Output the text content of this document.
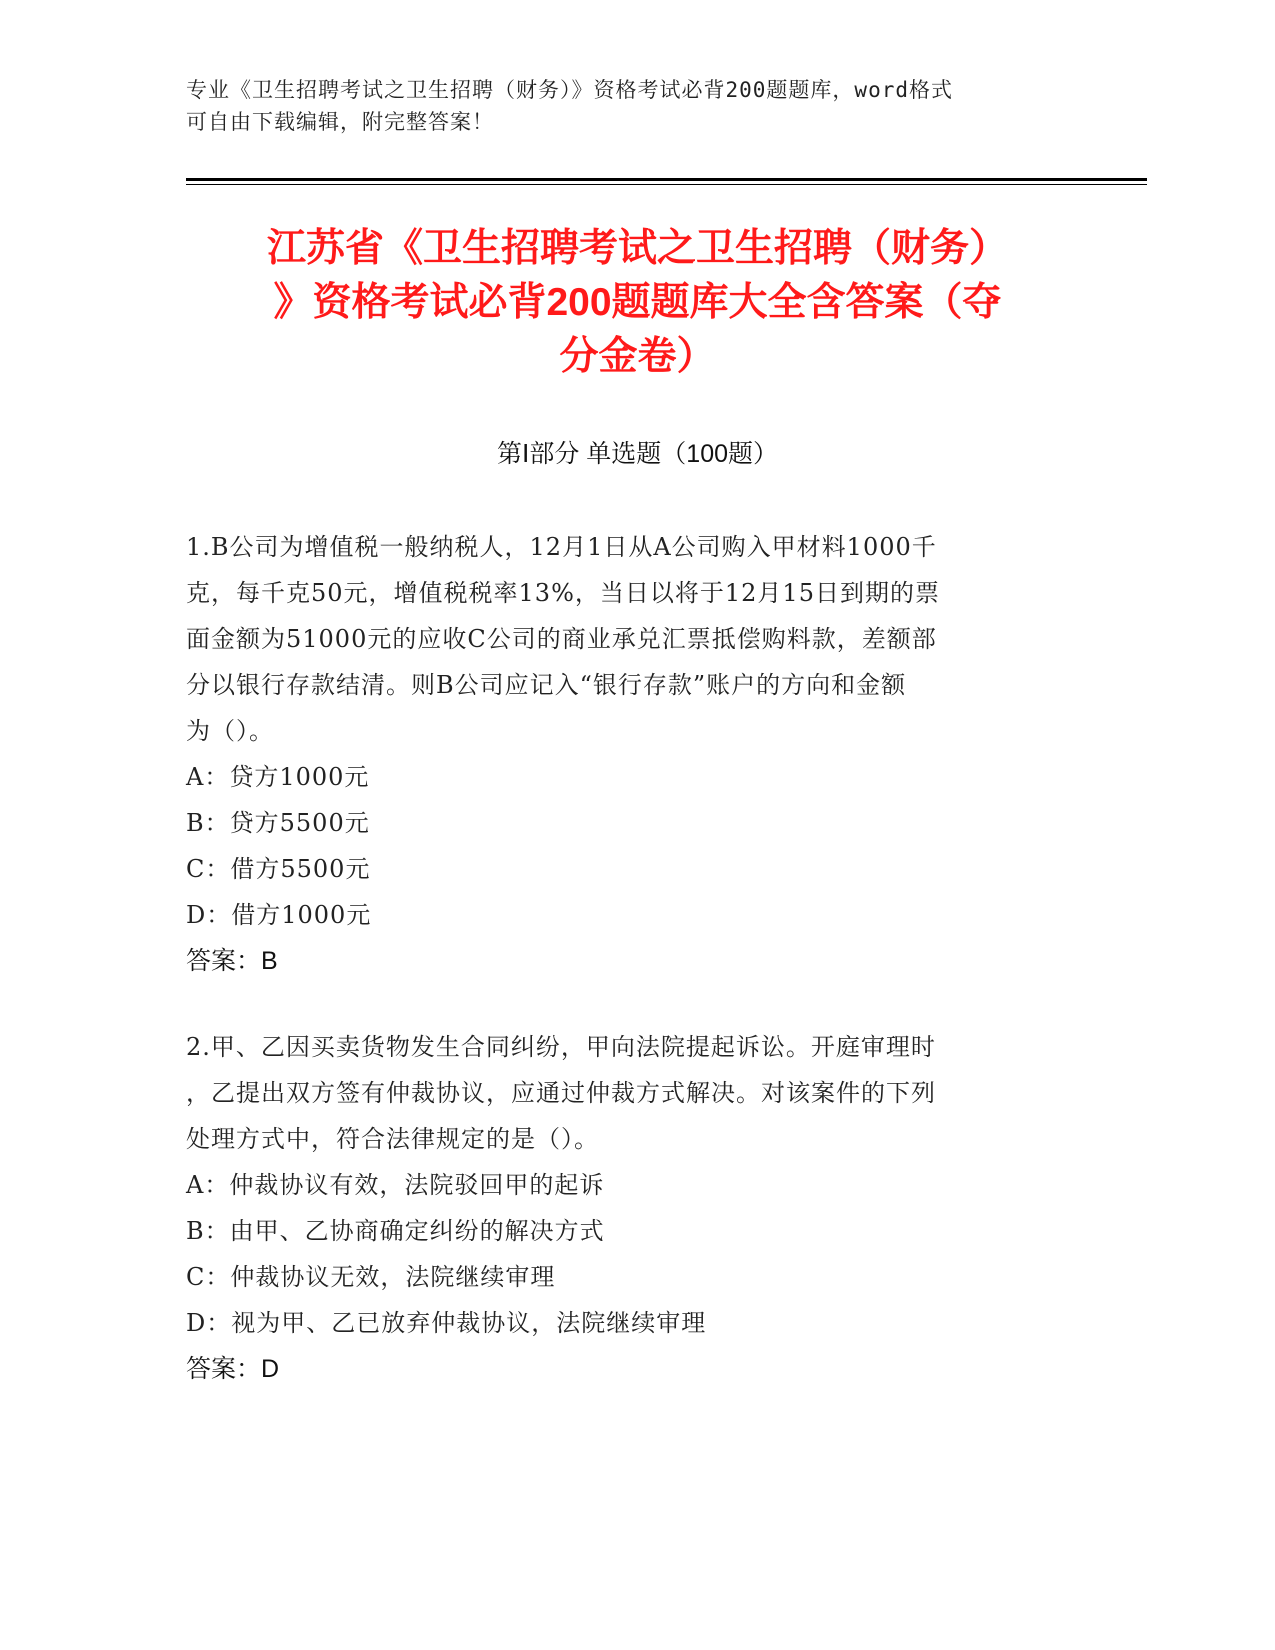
专业《卫生招聘考试之卫生招聘（财务）》资格考试必背200题题库，word格式
可自由下载编辑，附完整答案！
江苏省《卫生招聘考试之卫生招聘（财务）
》资格考试必背200题题库大全含答案（夺
分金卷）
第Ⅰ部分 单选题（100题）
1.B公司为增值税一般纳税人，12月1日从A公司购入甲材料1000千
克，每千克50元，增值税税率13%，当日以将于12月15日到期的票
面金额为51000元的应收C公司的商业承兑汇票抵偿购料款，差额部
分以银行存款结清。则B公司应记入“银行存款”账户的方向和金额
为（）。
A：贷方1000元
B：贷方5500元
C：借方5500元
D：借方1000元
答案：B
2.甲、乙因买卖货物发生合同纠纷，甲向法院提起诉讼。开庭审理时
，乙提出双方签有仲裁协议，应通过仲裁方式解决。对该案件的下列
处理方式中，符合法律规定的是（）。
A：仲裁协议有效，法院驳回甲的起诉
B：由甲、乙协商确定纠纷的解决方式
C：仲裁协议无效，法院继续审理
D：视为甲、乙已放弃仲裁协议，法院继续审理
答案：D
